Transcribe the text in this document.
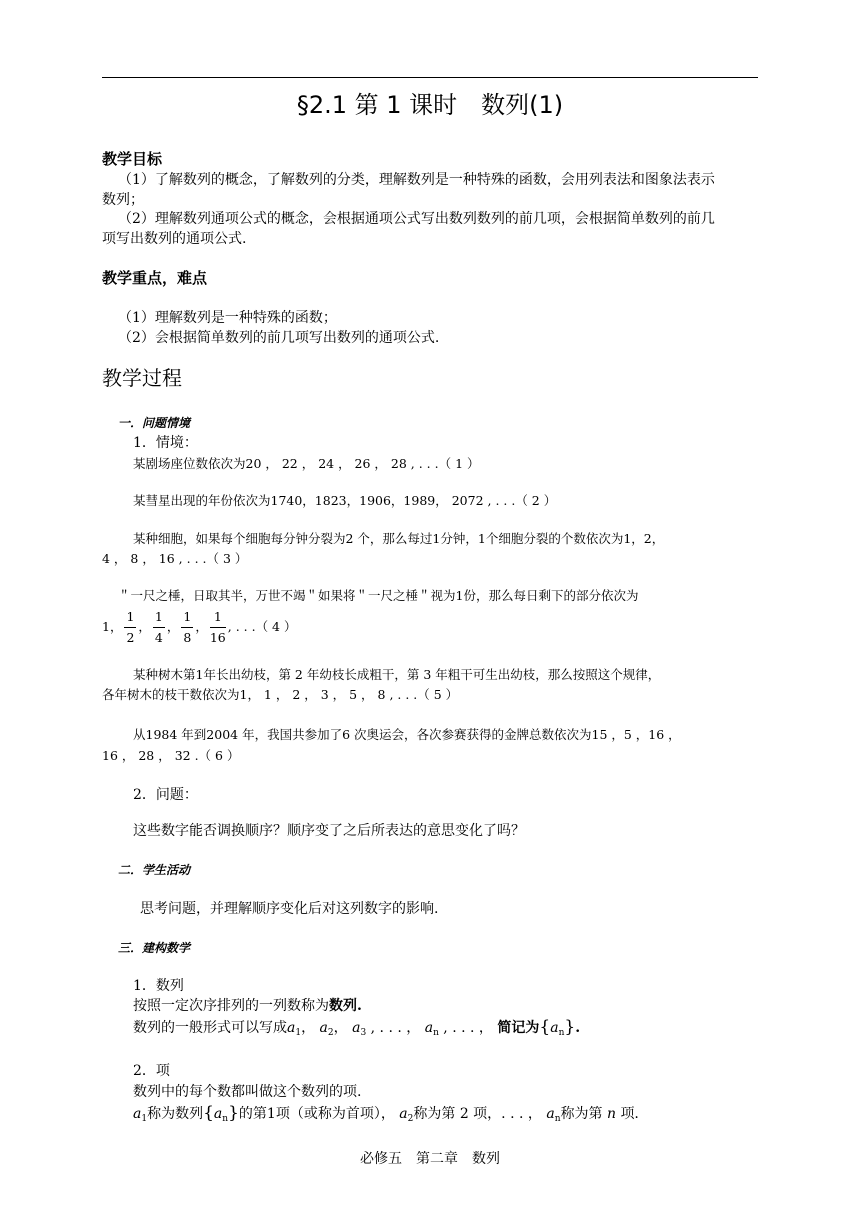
§2.1 第 1 课时　数列(1)
教学目标
（1）了解数列的概念，了解数列的分类，理解数列是一种特殊的函数，会用列表法和图象法表示
数列；
（2）理解数列通项公式的概念，会根据通项公式写出数列数列的前几项，会根据简单数列的前几
项写出数列的通项公式.
教学重点，难点
（1）理解数列是一种特殊的函数；
（2）会根据简单数列的前几项写出数列的通项公式.
教学过程
一．问题情境
1．情境：
某剧场座位数依次为20 ， 22 ， 24 ， 26 ， 28 , . . .（ 1 ）
某彗星出现的年份依次为1740，1823，1906，1989， 2072 , . . .（ 2 ）
某种细胞，如果每个细胞每分钟分裂为2 个，那么每过1分钟，1个细胞分裂的个数依次为1，2，
4 ， 8 ， 16 , . . .（ 3 ）
＂一尺之棰，日取其半，万世不竭＂如果将＂一尺之棰＂视为1份，那么每日剩下的部分依次为
1， $\frac{1}{2}$ ， $\frac{1}{4}$ ， $\frac{1}{8}$ ， $\frac{1}{16}$ , . . .（ 4 ）
某种树木第1年长出幼枝，第 2 年幼枝长成粗干，第 3 年粗干可生出幼枝，那么按照这个规律，
各年树木的枝干数依次为1， 1 ， 2 ， 3 ， 5 ， 8 , . . .（ 5 ）
从1984 年到2004 年，我国共参加了6 次奥运会，各次参赛获得的金牌总数依次为15 ，5 ，16 ，
16 ， 28 ， 32 .（ 6 ）
2．问题：
这些数字能否调换顺序？顺序变了之后所表达的意思变化了吗？
二．学生活动
思考问题，并理解顺序变化后对这列数字的影响.
三．建构数学
1．数列
按照一定次序排列的一列数称为数列.
数列的一般形式可以写成$a_1$， $a_2$， $a_3$ , . . . ， $a_n$ , . . . ， 简记为$\{a_n\}$.
2．项
数列中的每个数都叫做这个数列的项.
$a_1$称为数列$\{a_n\}$的第1项（或称为首项）， $a_2$称为第 2 项，. . . ， $a_n$称为第 n 项.
必修五　第二章　数列
